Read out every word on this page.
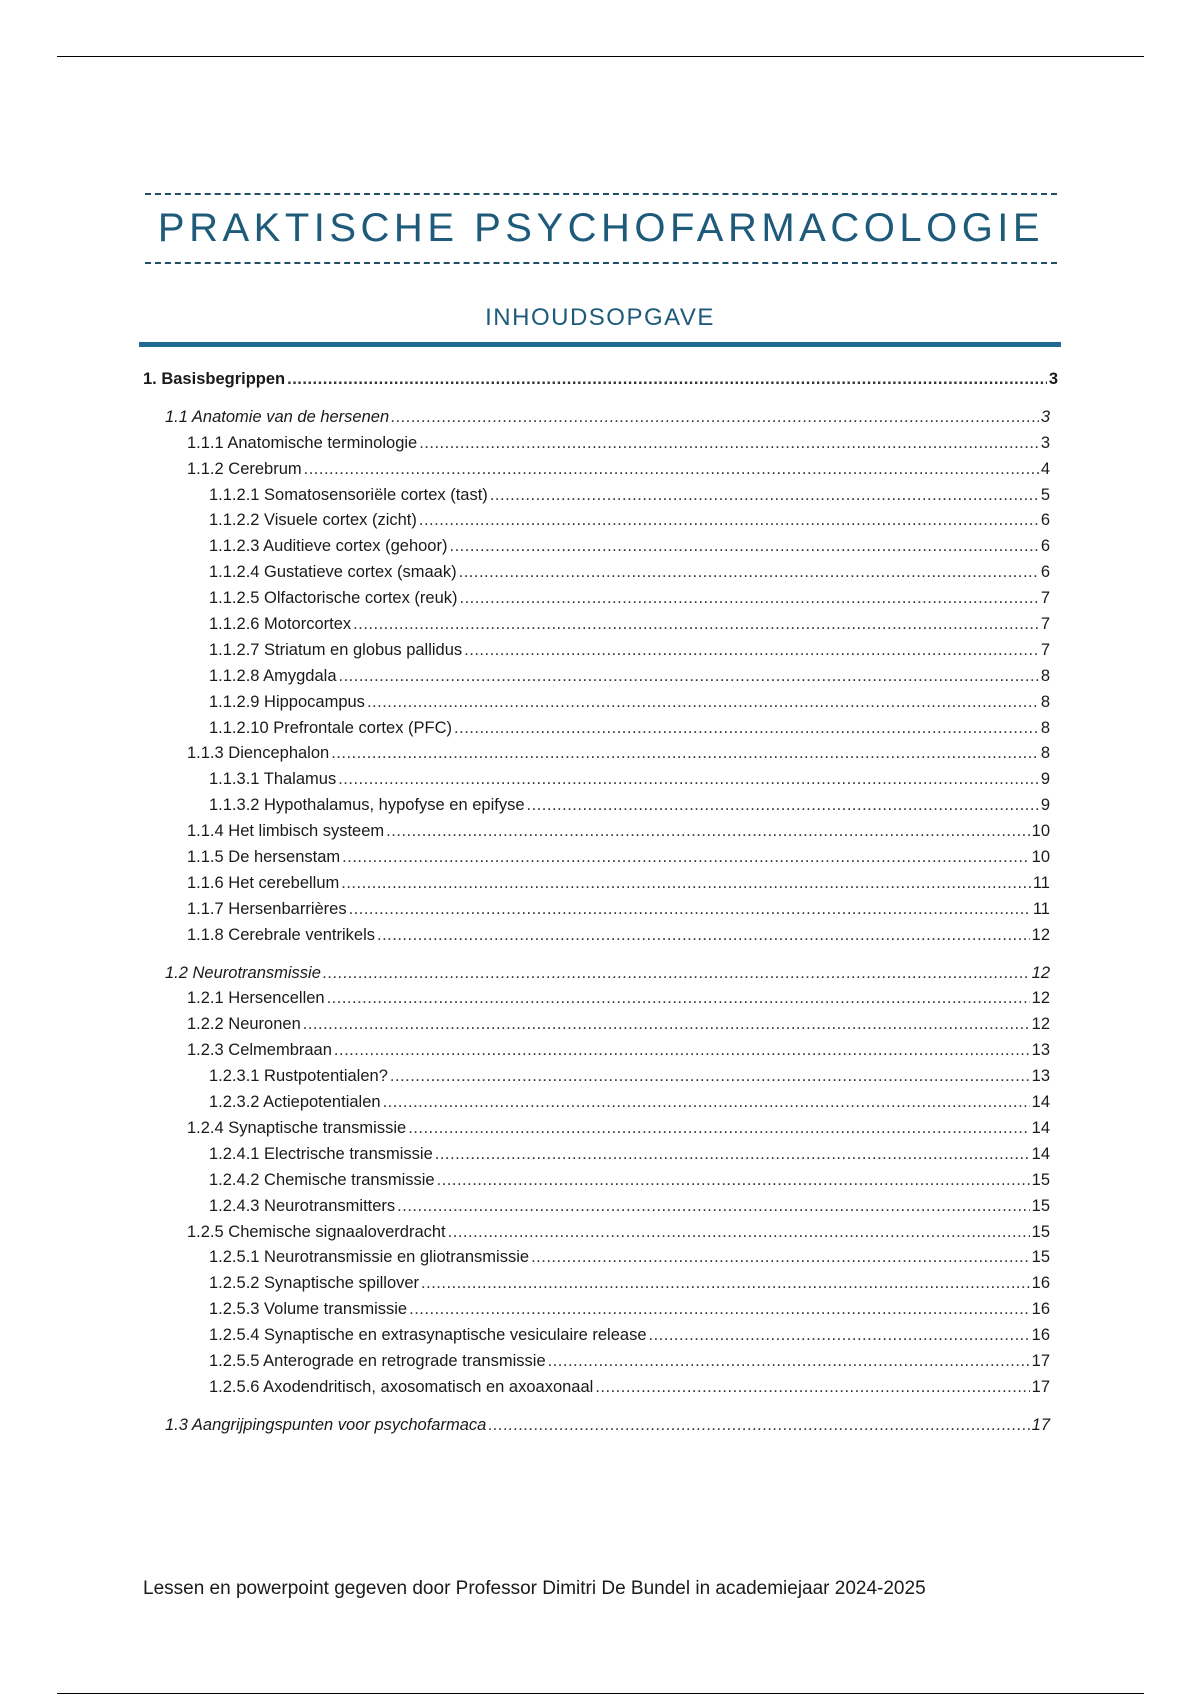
PRAKTISCHE PSYCHOFARMACOLOGIE
INHOUDSOPGAVE
1. Basisbegrippen .....	3
1.1 Anatomie van de hersenen .....	3
1.1.1 Anatomische terminologie .....	3
1.1.2 Cerebrum .....	4
1.1.2.1 Somatosensoriële cortex (tast) .....	5
1.1.2.2 Visuele cortex (zicht) .....	6
1.1.2.3 Auditieve cortex (gehoor) .....	6
1.1.2.4 Gustatieve cortex (smaak) .....	6
1.1.2.5 Olfactorische cortex (reuk) .....	7
1.1.2.6 Motorcortex .....	7
1.1.2.7 Striatum en globus pallidus .....	7
1.1.2.8 Amygdala .....	8
1.1.2.9 Hippocampus .....	8
1.1.2.10 Prefrontale cortex (PFC) .....	8
1.1.3 Diencephalon .....	8
1.1.3.1 Thalamus .....	9
1.1.3.2 Hypothalamus, hypofyse en epifyse .....	9
1.1.4 Het limbisch systeem .....	10
1.1.5 De hersenstam .....	10
1.1.6 Het cerebellum .....	11
1.1.7 Hersenbarrières .....	11
1.1.8 Cerebrale ventrikels .....	12
1.2 Neurotransmissie .....	12
1.2.1 Hersencellen .....	12
1.2.2 Neuronen .....	12
1.2.3 Celmembraan .....	13
1.2.3.1 Rustpotentialen? .....	13
1.2.3.2 Actiepotentialen .....	14
1.2.4 Synaptische transmissie .....	14
1.2.4.1 Electrische transmissie .....	14
1.2.4.2 Chemische transmissie .....	15
1.2.4.3 Neurotransmitters .....	15
1.2.5 Chemische signaaloverdracht .....	15
1.2.5.1 Neurotransmissie en gliotransmissie .....	15
1.2.5.2 Synaptische spillover .....	16
1.2.5.3 Volume transmissie .....	16
1.2.5.4 Synaptische en extrasynaptische vesiculaire release .....	16
1.2.5.5 Anterograde en retrograde transmissie .....	17
1.2.5.6 Axodendritisch, axosomatisch en axoaxonaal .....	17
1.3 Aangrijpingspunten voor psychofarmaca .....	17
Lessen en powerpoint gegeven door Professor Dimitri De Bundel in academiejaar 2024-2025
